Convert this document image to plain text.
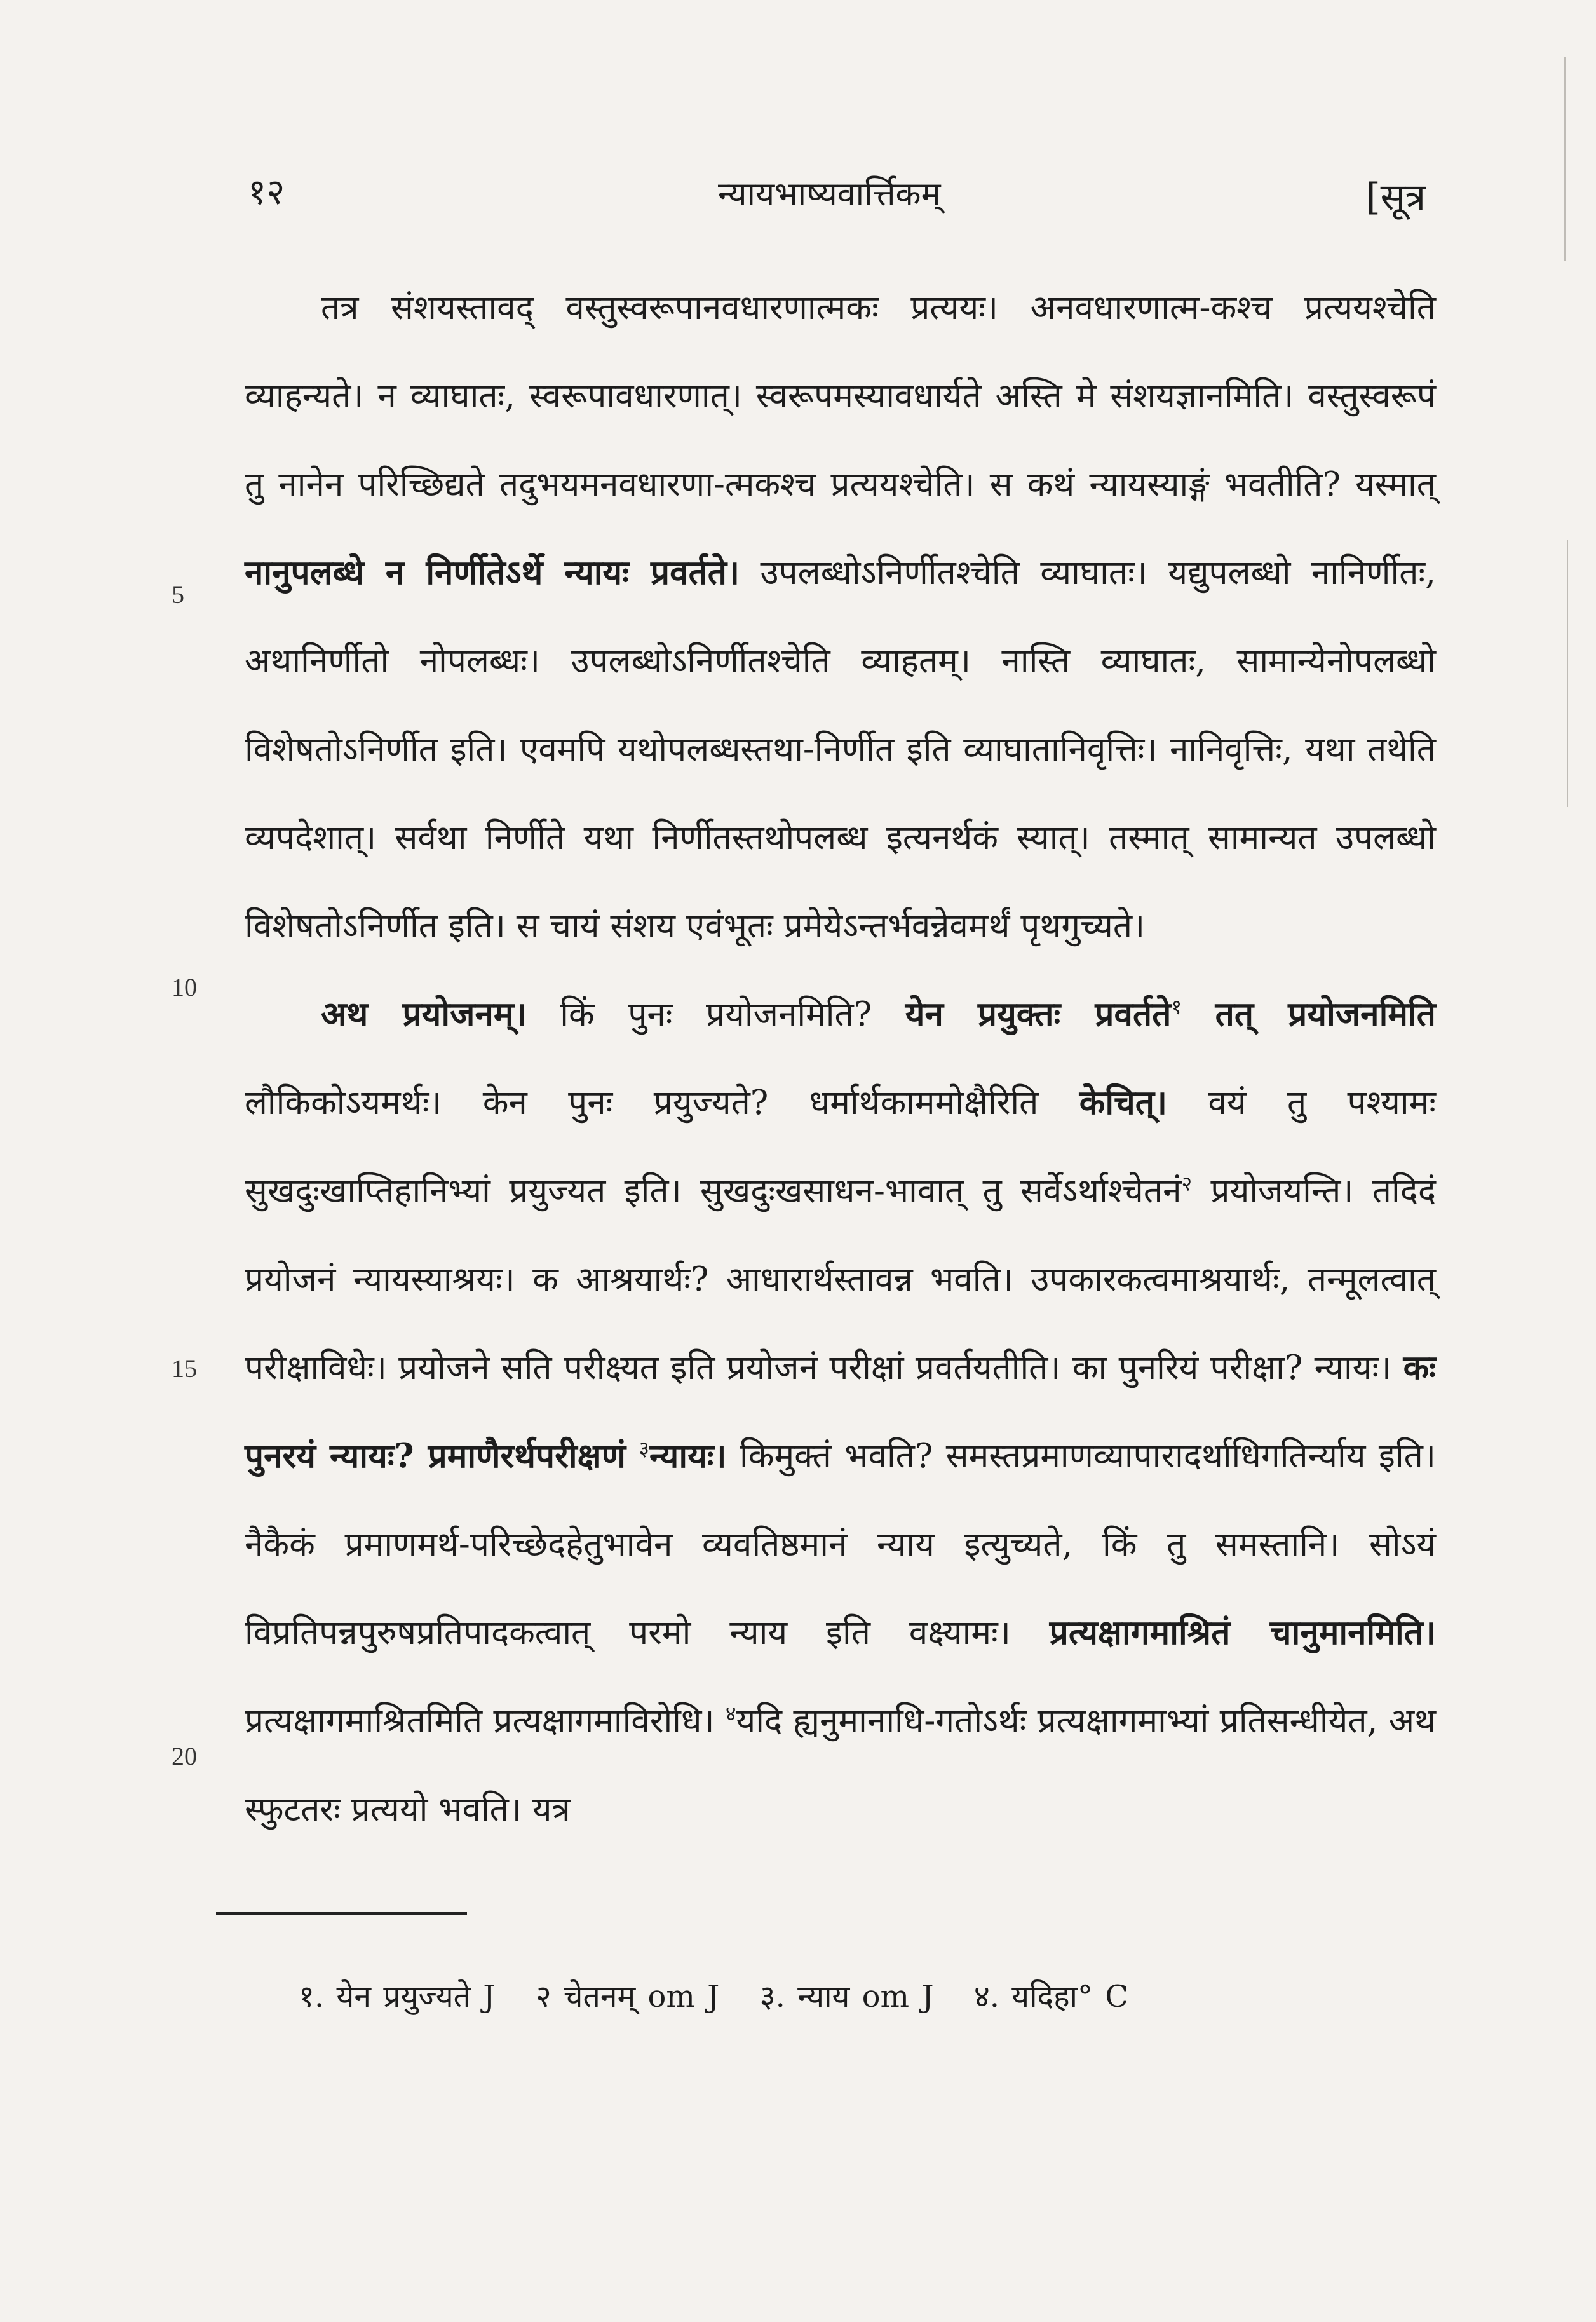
१२	न्यायभाष्यवार्त्तिकम्	[सूत्र
5
10
15
20

तत्र संशयस्तावद् वस्तुस्वरूपानवधारणात्मकः प्रत्ययः। अनवधारणात्म-कश्च प्रत्ययश्चेति व्याहन्यते। न व्याघातः, स्वरूपावधारणात्। स्वरूपमस्यावधार्यते अस्ति मे संशयज्ञानमिति। वस्तुस्वरूपं तु नानेन परिच्छिद्यते तदुभयमनवधारणा-त्मकश्च प्रत्ययश्चेति। स कथं न्यायस्याङ्गं भवतीति? यस्मात् नानुपलब्धे न निर्णीतेऽर्थे न्यायः प्रवर्तते। उपलब्धोऽनिर्णीतश्चेति व्याघातः। यद्युपलब्धो नानिर्णीतः, अथानिर्णीतो नोपलब्धः। उपलब्धोऽनिर्णीतश्चेति व्याहतम्। नास्ति व्याघातः, सामान्येनोपलब्धो विशेषतोऽनिर्णीत इति। एवमपि यथोपलब्धस्तथा-निर्णीत इति व्याघातानिवृत्तिः। नानिवृत्तिः, यथा तथेति व्यपदेशात्। सर्वथा निर्णीते यथा निर्णीतस्तथोपलब्ध इत्यनर्थकं स्यात्। तस्मात् सामान्यत उपलब्धो विशेषतोऽनिर्णीत इति। स चायं संशय एवंभूतः प्रमेयेऽन्तर्भवन्नेवमर्थं पृथगुच्यते।

अथ प्रयोजनम्। किं पुनः प्रयोजनमिति? येन प्रयुक्तः प्रवर्तते$^१$ तत् प्रयोजनमिति लौकिकोऽयमर्थः। केन पुनः प्रयुज्यते? धर्मार्थकाममोक्षैरिति केचित्। वयं तु पश्यामः सुखदुःखाप्तिहानिभ्यां प्रयुज्यत इति। सुखदुःखसाधन-भावात् तु सर्वेऽर्थाश्चेतनं$^२$ प्रयोजयन्ति। तदिदं प्रयोजनं न्यायस्याश्रयः। क आश्रयार्थः? आधारार्थस्तावन्न भवति। उपकारकत्वमाश्रयार्थः, तन्मूलत्वात् परीक्षाविधेः। प्रयोजने सति परीक्ष्यत इति प्रयोजनं परीक्षां प्रवर्तयतीति। का पुनरियं परीक्षा? न्यायः। कः पुनरयं न्यायः? प्रमाणैरर्थपरीक्षणं $^३$न्यायः। किमुक्तं भवति? समस्तप्रमाणव्यापारादर्थाधिगतिर्न्याय इति। नैकैकं प्रमाणमर्थ-परिच्छेदहेतुभावेन व्यवतिष्ठमानं न्याय इत्युच्यते, किं तु समस्तानि। सोऽयं विप्रतिपन्नपुरुषप्रतिपादकत्वात् परमो न्याय इति वक्ष्यामः। प्रत्यक्षागमाश्रितं चानुमानमिति। प्रत्यक्षागमाश्रितमिति प्रत्यक्षागमाविरोधि। $^४$यदि ह्यनुमानाधि-गतोऽर्थः प्रत्यक्षागमाभ्यां प्रतिसन्धीयेत, अथ स्फुटतरः प्रत्ययो भवति। यत्र

१. येन प्रयुज्यते J २ चेतनम् om J ३. न्याय om J ४. यदिहा° C
